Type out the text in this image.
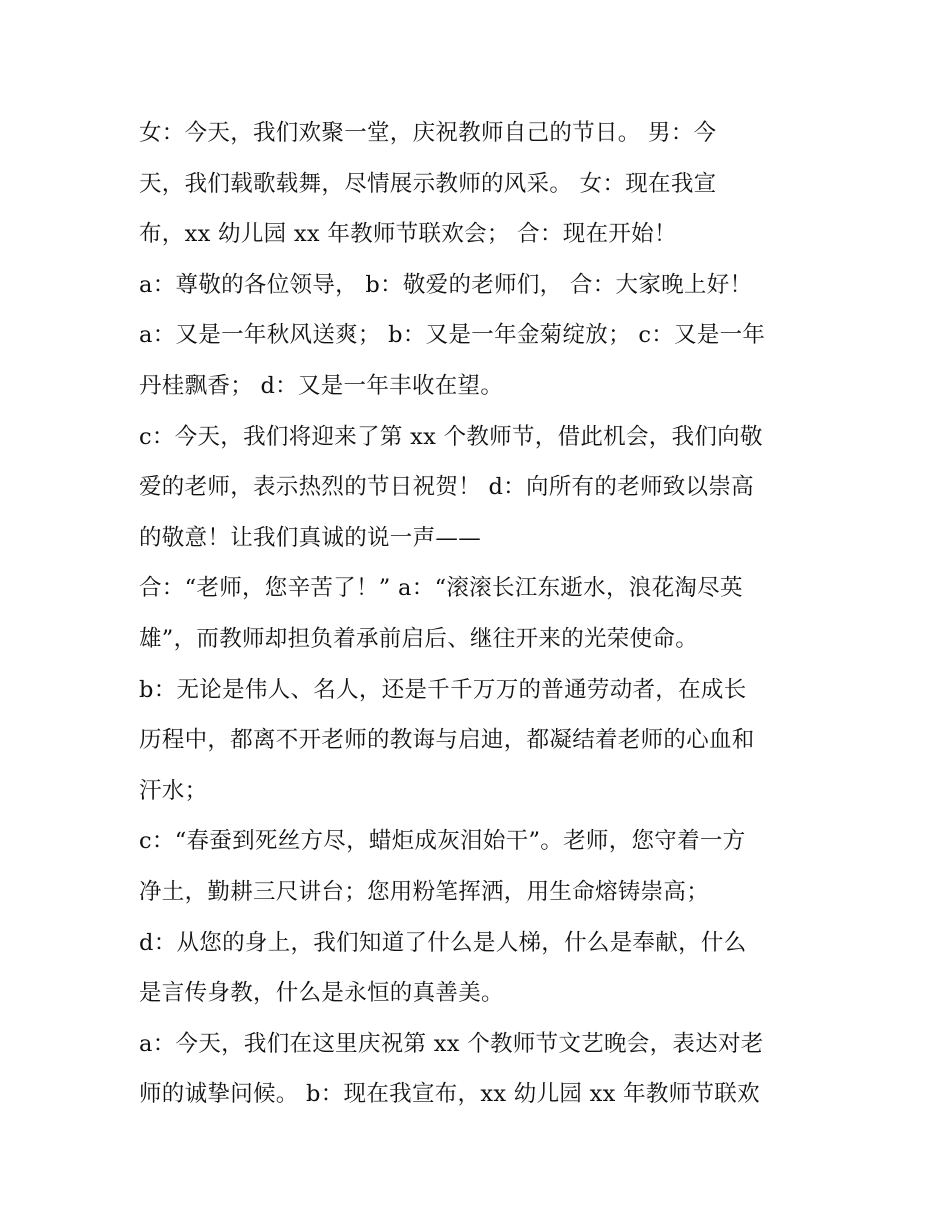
女：今天，我们欢聚一堂，庆祝教师自己的节日。 男：今
天，我们载歌载舞，尽情展示教师的风采。 女：现在我宣
布，xx 幼儿园 xx 年教师节联欢会； 合：现在开始！
a：尊敬的各位领导， b：敬爱的老师们， 合：大家晚上好！
a：又是一年秋风送爽； b：又是一年金菊绽放； c：又是一年
丹桂飘香； d：又是一年丰收在望。
c：今天，我们将迎来了第 xx 个教师节，借此机会，我们向敬
爱的老师，表示热烈的节日祝贺！ d：向所有的老师致以崇高
的敬意！让我们真诚的说一声——
合：“老师，您辛苦了！” a：“滚滚长江东逝水，浪花淘尽英
雄”，而教师却担负着承前启后、继往开来的光荣使命。
b：无论是伟人、名人，还是千千万万的普通劳动者，在成长
历程中，都离不开老师的教诲与启迪，都凝结着老师的心血和
汗水；
c：“春蚕到死丝方尽，蜡炬成灰泪始干”。老师，您守着一方
净土，勤耕三尺讲台；您用粉笔挥洒，用生命熔铸崇高；
d：从您的身上，我们知道了什么是人梯，什么是奉献，什么
是言传身教，什么是永恒的真善美。
a：今天，我们在这里庆祝第 xx 个教师节文艺晚会，表达对老
师的诚挚问候。 b：现在我宣布，xx 幼儿园 xx 年教师节联欢
